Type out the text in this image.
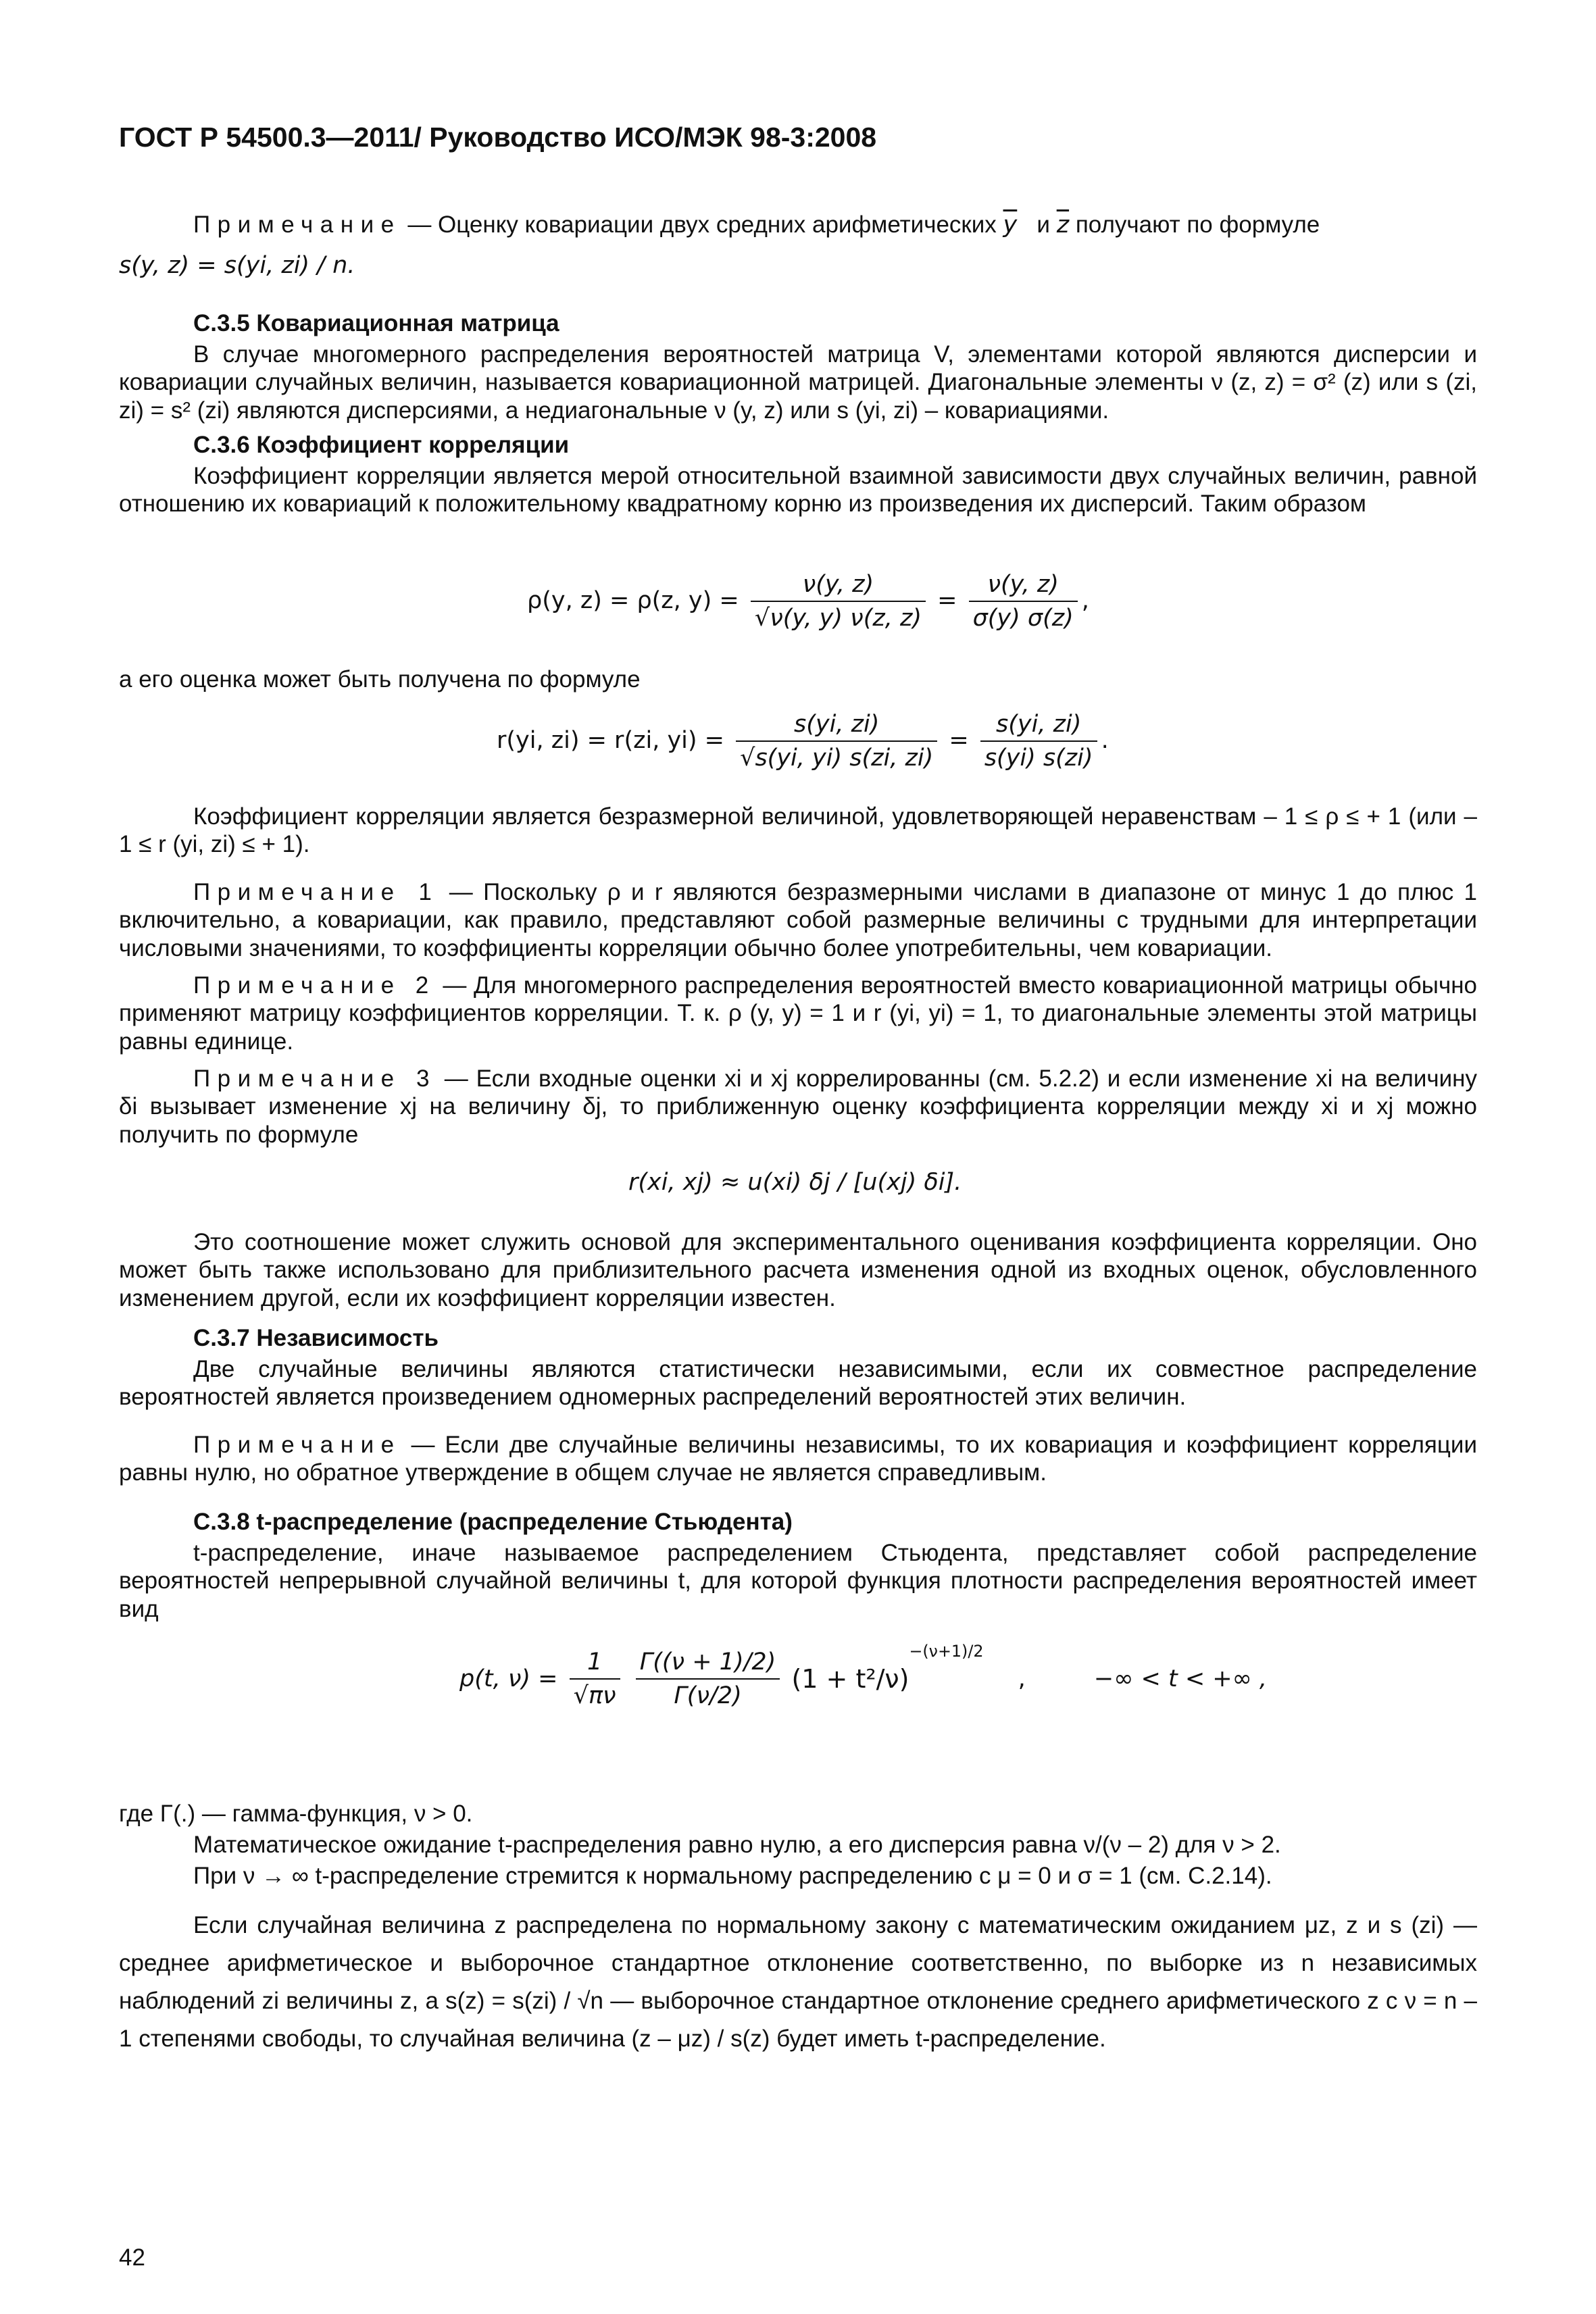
ГОСТ Р 54500.3—2011/ Руководство ИСО/МЭК 98-3:2008
Примечание — Оценку ковариации двух средних арифметических $\overline{y}$   и $\overline{z}$ получают по формуле
s(y, z) = s(yi, zi) / n.
С.3.5 Ковариационная матрица
В случае многомерного распределения вероятностей матрица V, элементами которой являются дисперсии и ковариации случайных величин, называется ковариационной матрицей. Диагональные элементы ν (z, z) = σ² (z) или s (zi, zi) = s² (zi) являются дисперсиями, а недиагональные ν (y, z) или s (yi, zi) – ковариациями.
С.3.6 Коэффициент корреляции
Коэффициент корреляции является мерой относительной взаимной зависимости двух случайных величин, равной отношению их ковариаций к положительному квадратному корню из произведения их дисперсий. Таким образом
ρ(y, z) = ρ(z, $y) = \frac{\nu(y, z)}{√\nu(y, y) \nu(z, z)} = \frac{\nu(y, z)}{\sigma(y) \sigma(z)}$ ,
а его оценка может быть получена по формуле
r(yi, zi) = r(zi, $yi) = \frac{s(yi, zi)}{√s(yi, yi) s(zi, zi)} = \frac{s(yi, zi)}{s(yi) s(zi)}$ .
Коэффициент корреляции является безразмерной величиной, удовлетворяющей неравенствам – 1 ≤ ρ ≤ + 1 (или – 1 ≤ r (yi, zi) ≤ + 1).
Примечание 1 — Поскольку ρ и r являются безразмерными числами в диапазоне от минус 1 до плюс 1 включительно, а ковариации, как правило, представляют собой размерные величины с трудными для интерпретации числовыми значениями, то коэффициенты корреляции обычно более употребительны, чем ковариации.
Примечание 2 — Для многомерного распределения вероятностей вместо ковариационной матрицы обычно применяют матрицу коэффициентов корреляции. Т. к. ρ (y, y) = 1 и r (yi, yi) = 1, то диагональные элементы этой матрицы равны единице.
Примечание 3 — Если входные оценки xi и xj коррелированны (см. 5.2.2) и если изменение xi на величину δi вызывает изменение xj на величину δj, то приближенную оценку коэффициента корреляции между xi и xj можно получить по формуле
r(xi, xj) ≈ u(xi) δj / [u(xj) δi].
Это соотношение может служить основой для экспериментального оценивания коэффициента корреляции. Оно может быть также использовано для приблизительного расчета изменения одной из входных оценок, обусловленного изменением другой, если их коэффициент корреляции известен.
С.3.7 Независимость
Две случайные величины являются статистически независимыми, если их совместное распределение вероятностей является произведением одномерных распределений вероятностей этих величин.
Примечание — Если две случайные величины независимы, то их ковариация и коэффициент корреляции равны нулю, но обратное утверждение в общем случае не является справедливым.
С.3.8 t-распределение (распределение Стьюдента)
t-распределение, иначе называемое распределением Стьюдента, представляет собой распределение вероятностей непрерывной случайной величины t, для которой функция плотности распределения вероятностей имеет вид
p(t, $\nu) = \frac{1}{√\pi\nu}$
$\frac{\Gamma((\nu + 1)/2)}{\Gamma(\nu/2)} (1 + t^2/\nu)^{-(\nu+1)/2}$ ,	−∞ < t < +∞ ,
где Γ(.) — гамма-функция, ν > 0.
Математическое ожидание t-распределения равно нулю, а его дисперсия равна ν/(ν – 2) для ν > 2.
При ν → ∞ t-распределение стремится к нормальному распределению с μ = 0 и σ = 1 (см. С.2.14).
Если случайная величина z распределена по нормальному закону с математическим ожиданием μz, z и s (zi) — среднее арифметическое и выборочное стандартное отклонение соответственно, по выборке из n независимых наблюдений zi величины z, а s(z) = s(zi) / √n — выборочное стандартное отклонение среднего арифметического z с ν = n – 1 степенями свободы, то случайная величина (z – μz) / s(z) будет иметь t-распределение.
42
